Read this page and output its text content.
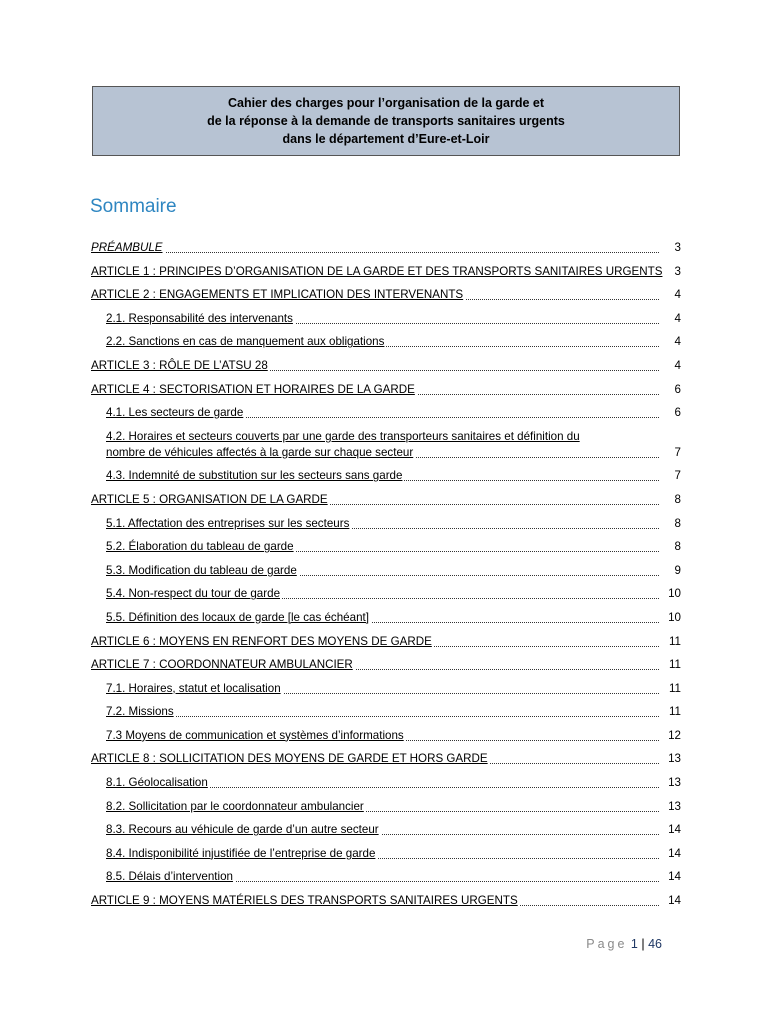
Cahier des charges pour l’organisation de la garde et
de la réponse à la demande de transports sanitaires urgents
dans le département d’Eure-et-Loir
Sommaire
PRÉAMBULE	3
ARTICLE 1 : PRINCIPES D’ORGANISATION DE LA GARDE ET DES TRANSPORTS SANITAIRES URGENTS 3
ARTICLE 2 : ENGAGEMENTS ET IMPLICATION DES INTERVENANTS	4
2.1. Responsabilité des intervenants	4
2.2. Sanctions en cas de manquement aux obligations	4
ARTICLE 3 : RÔLE DE L’ATSU 28	4
ARTICLE 4 : SECTORISATION ET HORAIRES DE LA GARDE	6
4.1. Les secteurs de garde	6
4.2. Horaires et secteurs couverts par une garde des transporteurs sanitaires et définition du
nombre de véhicules affectés à la garde sur chaque secteur	7
4.3. Indemnité de substitution sur les secteurs sans garde	7
ARTICLE 5 : ORGANISATION DE LA GARDE	8
5.1. Affectation des entreprises sur les secteurs	8
5.2. Élaboration du tableau de garde	8
5.3. Modification du tableau de garde	9
5.4. Non-respect du tour de garde	10
5.5. Définition des locaux de garde [le cas échéant]	10
ARTICLE 6 : MOYENS EN RENFORT DES MOYENS DE GARDE	11
ARTICLE 7 : COORDONNATEUR AMBULANCIER	11
7.1. Horaires, statut et localisation	11
7.2. Missions	11
7.3 Moyens de communication et systèmes d’informations	12
ARTICLE 8 : SOLLICITATION DES MOYENS DE GARDE ET HORS GARDE	13
8.1. Géolocalisation	13
8.2. Sollicitation par le coordonnateur ambulancier	13
8.3. Recours au véhicule de garde d’un autre secteur	14
8.4. Indisponibilité injustifiée de l’entreprise de garde	14
8.5. Délais d’intervention	14
ARTICLE 9 : MOYENS MATÉRIELS DES TRANSPORTS SANITAIRES URGENTS	14
Page 1 | 46
